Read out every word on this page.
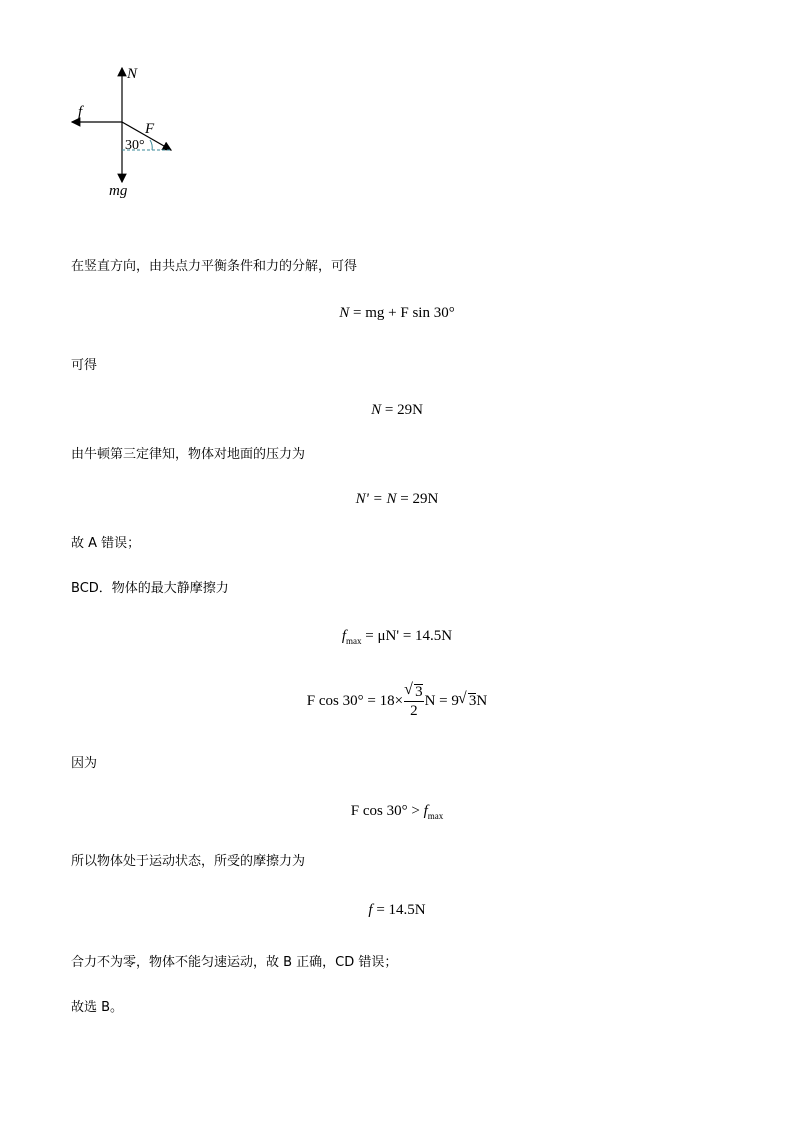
N
f
F
30°
mg
在竖直方向，由共点力平衡条件和力的分解，可得
N = mg + F sin 30°
可得
N = 29N
由牛顿第三定律知，物体对地面的压力为
N' = N = 29N
故 A 错误；
BCD．物体的最大静摩擦力
$f_{max} = \mu N' = 14.5N$
F cos 30° = 18× √ $\frac{3}{2}$ N = 9 √ 3N
因为
F $\cos 30^\circ > f_{max}$
所以物体处于运动状态，所受的摩擦力为
f = 14.5N
合力不为零，物体不能匀速运动，故 B 正确，CD 错误；
故选 B。
